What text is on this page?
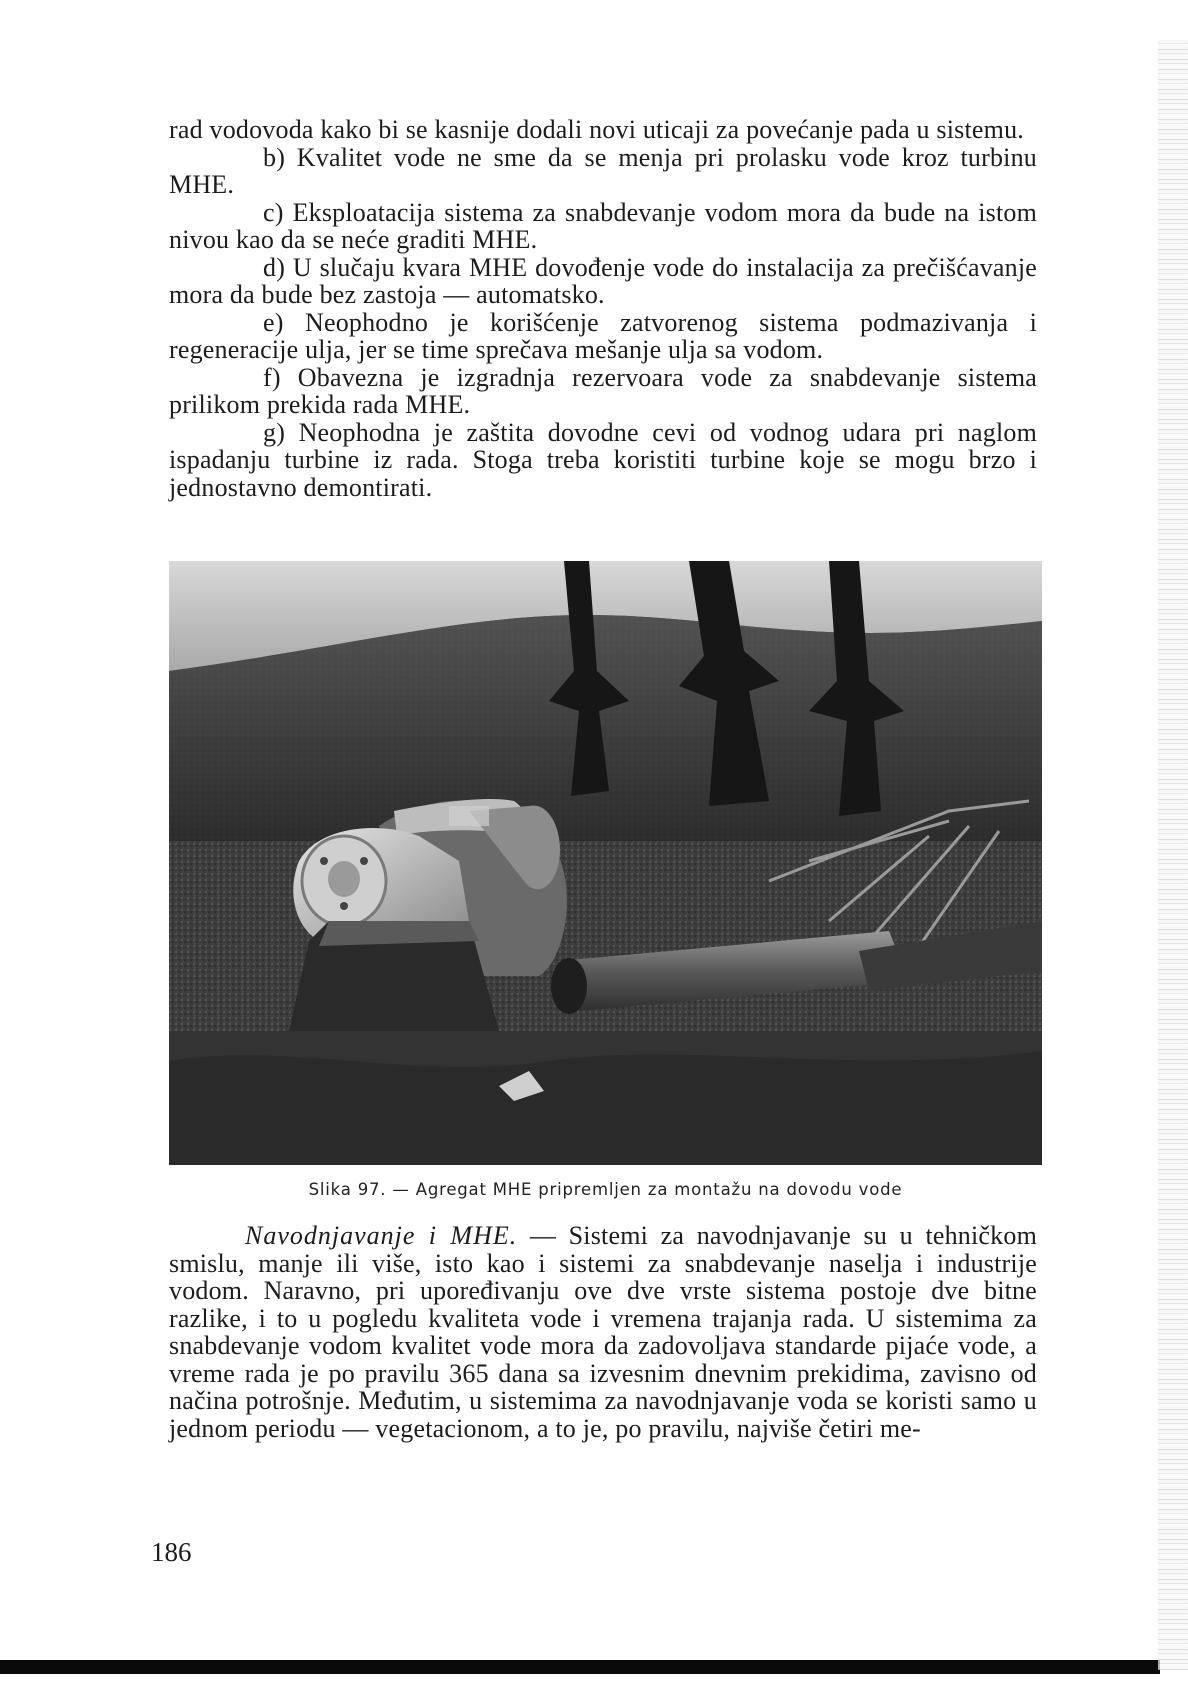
rad vodovoda kako bi se kasnije dodali novi uticaji za povećanje pada u sistemu.

b) Kvalitet vode ne sme da se menja pri prolasku vode kroz turbinu MHE.

c) Eksploatacija sistema za snabdevanje vodom mora da bude na istom nivou kao da se neće graditi MHE.

d) U slučaju kvara MHE dovođenje vode do instalacija za prečišćavanje mora da bude bez zastoja — automatsko.

e) Neophodno je korišćenje zatvorenog sistema podmazivanja i regeneracije ulja, jer se time sprečava mešanje ulja sa vodom.

f) Obavezna je izgradnja rezervoara vode za snabdevanje sistema prilikom prekida rada MHE.

g) Neophodna je zaštita dovodne cevi od vodnog udara pri naglom ispadanju turbine iz rada. Stoga treba koristiti turbine koje se mogu brzo i jednostavno demontirati.

Slika 97. — Agregat MHE pripremljen za montažu na dovodu vode

Navodnjavanje i MHE. — Sistemi za navodnjavanje su u tehničkom smislu, manje ili više, isto kao i sistemi za snabdevanje naselja i industrije vodom. Naravno, pri upoređivanju ove dve vrste sistema postoje dve bitne razlike, i to u pogledu kvaliteta vode i vremena trajanja rada. U sistemima za snabdevanje vodom kvalitet vode mora da zadovoljava standarde pijaće vode, a vreme rada je po pravilu 365 dana sa izvesnim dnevnim prekidima, zavisno od načina potrošnje. Međutim, u sistemima za navodnjavanje voda se koristi samo u jednom periodu — vegetacionom, a to je, po pravilu, najviše četiri me-

186
